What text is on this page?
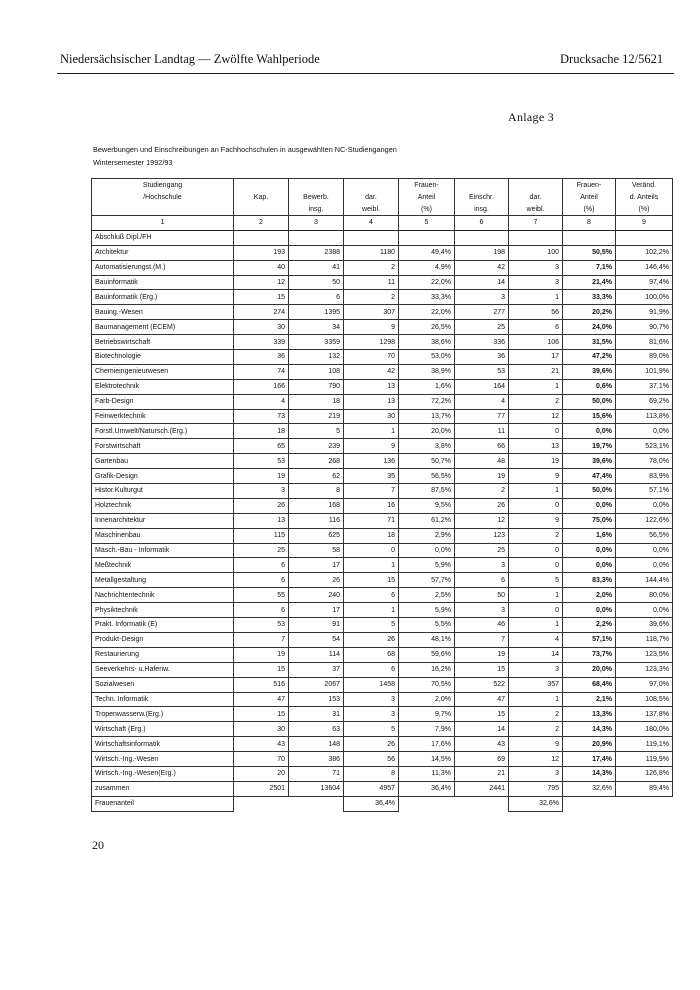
Niedersächsischer Landtag — Zwölfte Wahlperiode	Drucksache 12/5621
Anlage 3
Bewerbungen und Einschreibungen an Fachhochschulen in ausgewählten NC-Studiengangen
Wintersemester 1992/93
Studiengang				Frauen-			Frauen-	Veränd.
/Hochschule	Kap.	Bewerb.	dar.	Anteil	Einschr.	dar.	Anteil	d. Anteils
		insg.	weibl.	(%)	insg.	weibl.	(%)	(%)
1	2	3	4	5	6	7	8	9
Abschluß Dipl./FH								
Architektur	193	2388	1180	49,4%	198	100	50,5%	102,2%
Automatisierungst.(M.)	40	41	2	4,9%	42	3	7,1%	146,4%
Bauinformatik	12	50	11	22,0%	14	3	21,4%	97,4%
Bauinformatik (Erg.)	15	6	2	33,3%	3	1	33,3%	100,0%
Bauing.-Wesen	274	1395	307	22,0%	277	56	20,2%	91,9%
Baumanagement (ECEM)	30	34	9	26,5%	25	6	24,0%	90,7%
Betriebswirtschaft	339	3359	1298	38,6%	336	106	31,5%	81,6%
Biotechnologie	36	132	70	53,0%	36	17	47,2%	89,0%
Chemieingenieurwesen	74	108	42	38,9%	53	21	39,6%	101,9%
Elektrotechnik	166	790	13	1,6%	164	1	0,6%	37,1%
Farb-Design	4	18	13	72,2%	4	2	50,0%	69,2%
Feinwerktechnik	73	219	30	13,7%	77	12	15,6%	113,8%
Forstl.Umwelt/Natursch.(Erg.)	18	5	1	20,0%	11	0	0,0%	0,0%
Forstwirtschaft	65	239	9	3,8%	66	13	19,7%	523,1%
Gartenbau	53	268	136	50,7%	48	19	39,6%	78,0%
Grafik-Design	19	62	35	56,5%	19	9	47,4%	83,9%
Histor.Kulturgut	3	8	7	87,5%	2	1	50,0%	57,1%
Holztechnik	26	168	16	9,5%	26	0	0,0%	0,0%
Innenarchitektur	13	116	71	61,2%	12	9	75,0%	122,6%
Maschinenbau	115	625	18	2,9%	123	2	1,6%	56,5%
Masch.-Bau - Informatik	25	58	0	0,0%	25	0	0,0%	0,0%
Meßtechnik	6	17	1	5,9%	3	0	0,0%	0,0%
Metallgestaltung	6	26	15	57,7%	6	5	83,3%	144,4%
Nachrichtentechnik	55	240	6	2,5%	50	1	2,0%	80,0%
Physiktechnik	6	17	1	5,9%	3	0	0,0%	0,0%
Prakt. Informatik (E)	53	91	5	5,5%	46	1	2,2%	39,6%
Produkt-Design	7	54	26	48,1%	7	4	57,1%	118,7%
Restaurierung	19	114	68	59,6%	19	14	73,7%	123,5%
Seeverkehrs- u.Hafenw.	15	37	6	16,2%	15	3	20,0%	123,3%
Sozialwesen	516	2067	1458	70,5%	522	357	68,4%	97,0%
Techn. Informatik	47	153	3	2,0%	47	1	2,1%	108,5%
Tropenwasserw.(Erg.)	15	31	3	9,7%	15	2	13,3%	137,8%
Wirtschaft (Erg.)	30	63	5	7,9%	14	2	14,3%	180,0%
Wirtschaftsinformatik	43	148	26	17,6%	43	9	20,9%	119,1%
Wirtsch.-Ing.-Wesen	70	386	56	14,5%	69	12	17,4%	119,9%
Wirtsch.-Ing.-Wesen(Erg.)	20	71	8	11,3%	21	3	14,3%	126,8%
zusammen	2501	13604	4957	36,4%	2441	795	32,6%	89,4%
Frauenanteil			36,4%			32,6%		
20
